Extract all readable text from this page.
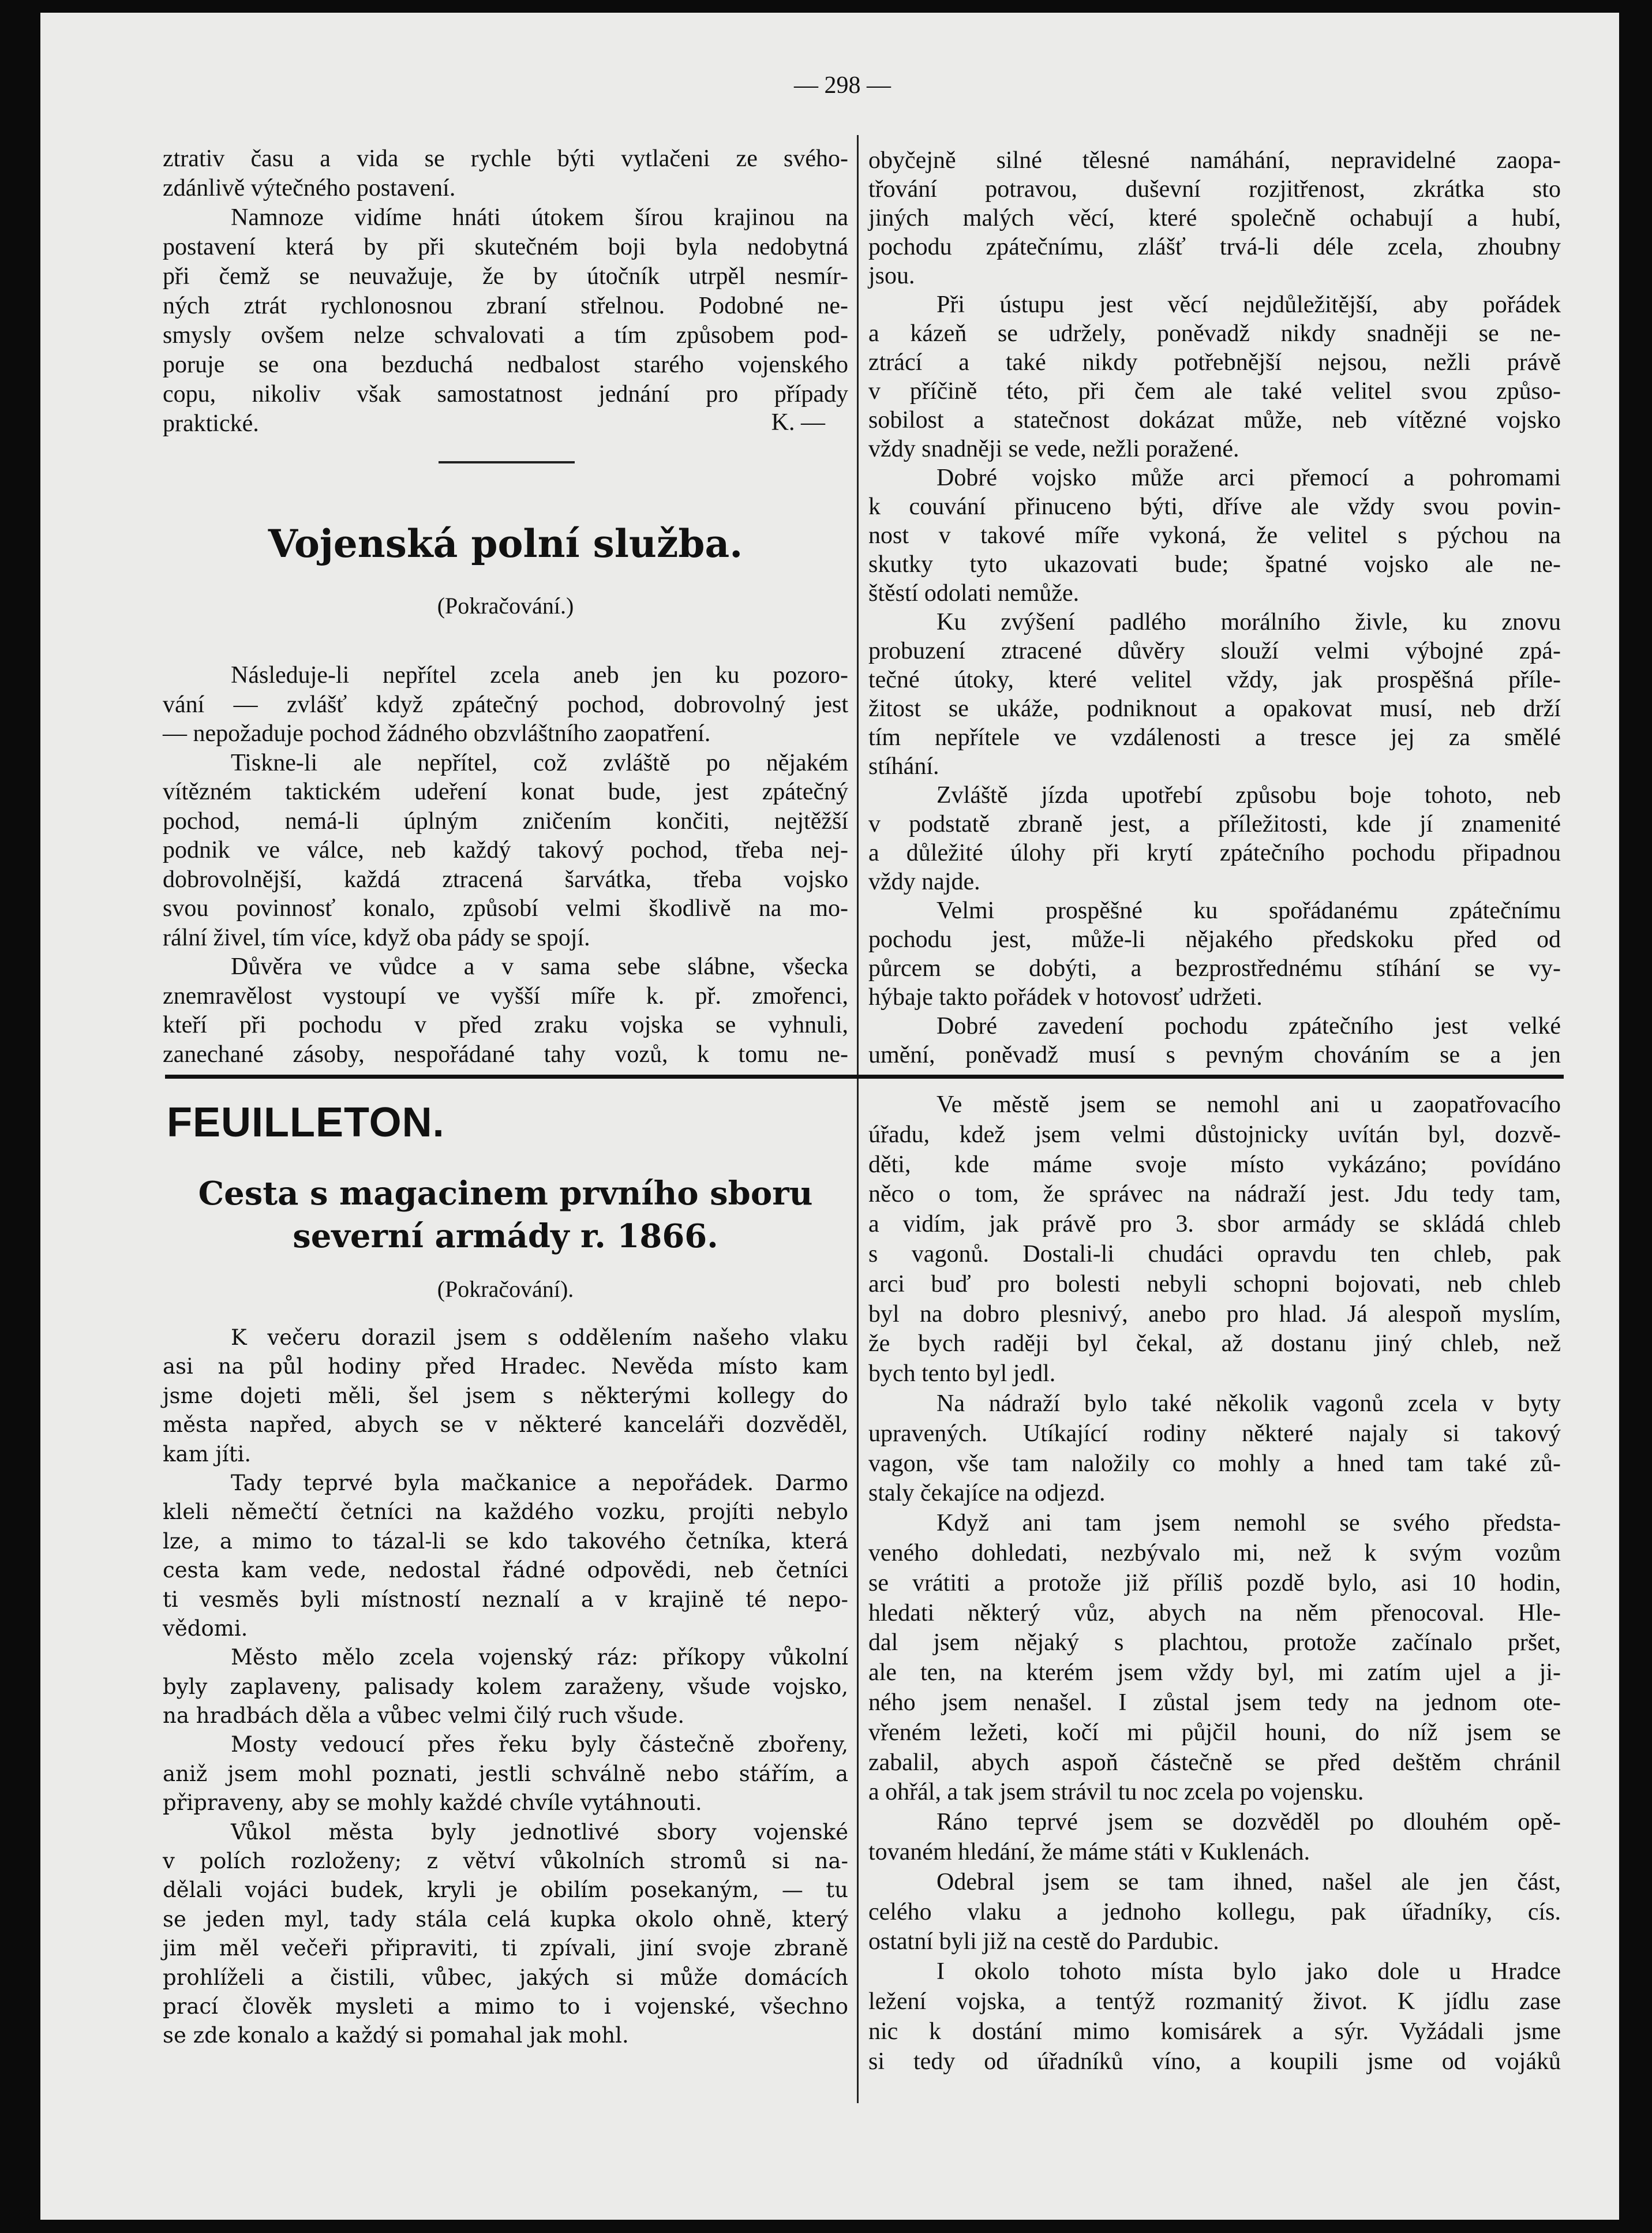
— 298 —
ztrativ času a vida se rychle býti vytlačeni ze svého-
zdánlivě výtečného postavení.
Namnoze vidíme hnáti útokem šírou krajinou na
postavení která by při skutečném boji byla nedobytná
při čemž se neuvažuje, že by útočník utrpěl nesmír-
ných ztrát rychlonosnou zbraní střelnou. Podobné ne-
smysly ovšem nelze schvalovati a tím způsobem pod-
poruje se ona bezduchá nedbalost starého vojenského
copu, nikoliv však samostatnost jednání pro případy
praktické.	K. —
Vojenská polní služba.
(Pokračování.)
Následuje-li nepřítel zcela aneb jen ku pozoro-
vání — zvlášť když zpátečný pochod, dobrovolný jest
— nepožaduje pochod žádného obzvláštního zaopatření.
Tiskne-li ale nepřítel, což zvláště po nějakém
vítězném taktickém udeření konat bude, jest zpátečný
pochod, nemá-li úplným zničením končiti, nejtěžší
podnik ve válce, neb každý takový pochod, třeba nej-
dobrovolnější, každá ztracená šarvátka, třeba vojsko
svou povinnosť konalo, způsobí velmi škodlivě na mo-
rální živel, tím více, když oba pády se spojí.
Důvěra ve vůdce a v sama sebe slábne, všecka
znemravělost vystoupí ve vyšší míře k. př. zmořenci,
kteří při pochodu v před zraku vojska se vyhnuli,
zanechané zásoby, nespořádané tahy vozů, k tomu ne-
obyčejně silné tělesné namáhání, nepravidelné zaopa-
třování potravou, duševní rozjitřenost, zkrátka sto
jiných malých věcí, které společně ochabují a hubí,
pochodu zpátečnímu, zlášť trvá-li déle zcela, zhoubny
jsou.
Při ústupu jest věcí nejdůležitější, aby pořádek
a kázeň se udržely, poněvadž nikdy snadněji se ne-
ztrácí a také nikdy potřebnější nejsou, nežli právě
v příčině této, při čem ale také velitel svou způso-
sobilost a statečnost dokázat může, neb vítězné vojsko
vždy snadněji se vede, nežli poražené.
Dobré vojsko může arci přemocí a pohromami
k couvání přinuceno býti, dříve ale vždy svou povin-
nost v takové míře vykoná, že velitel s pýchou na
skutky tyto ukazovati bude; špatné vojsko ale ne-
štěstí odolati nemůže.
Ku zvýšení padlého morálního živle, ku znovu
probuzení ztracené důvěry slouží velmi výbojné zpá-
tečné útoky, které velitel vždy, jak prospěšná příle-
žitost se ukáže, podniknout a opakovat musí, neb drží
tím nepřítele ve vzdálenosti a tresce jej za smělé
stíhání.
Zvláště jízda upotřebí způsobu boje tohoto, neb
v podstatě zbraně jest, a příležitosti, kde jí znamenité
a důležité úlohy při krytí zpátečního pochodu připadnou
vždy najde.
Velmi prospěšné ku spořádanému zpátečnímu
pochodu jest, může-li nějakého předskoku před od
půrcem se dobýti, a bezprostřednému stíhání se vy-
hýbaje takto pořádek v hotovosť udržeti.
Dobré zavedení pochodu zpátečního jest velké
umění, poněvadž musí s pevným chováním se a jen
FEUILLETON.
Cesta s magacinem prvního sboru
severní armády r. 1866.
(Pokračování).
K večeru dorazil jsem s oddělením našeho vlaku
asi na půl hodiny před Hradec. Nevěda místo kam
jsme dojeti měli, šel jsem s některými kollegy do
města napřed, abych se v některé kanceláři dozvěděl,
kam jíti.
Tady teprvé byla mačkanice a nepořádek. Darmo
kleli němečtí četníci na každého vozku, projíti nebylo
lze, a mimo to tázal-li se kdo takového četníka, která
cesta kam vede, nedostal řádné odpovědi, neb četníci
ti vesměs byli místností neznalí a v krajině té nepo-
vědomi.
Město mělo zcela vojenský ráz: příkopy vůkolní
byly zaplaveny, palisady kolem zaraženy, všude vojsko,
na hradbách děla a vůbec velmi čilý ruch všude.
Mosty vedoucí přes řeku byly částečně zbořeny,
aniž jsem mohl poznati, jestli schválně nebo stářím, a
připraveny, aby se mohly každé chvíle vytáhnouti.
Vůkol města byly jednotlivé sbory vojenské
v polích rozloženy; z větví vůkolních stromů si na-
dělali vojáci budek, kryli je obilím posekaným, — tu
se jeden myl, tady stála celá kupka okolo ohně, který
jim měl večeři připraviti, ti zpívali, jiní svoje zbraně
prohlíželi a čistili, vůbec, jakých si může domácích
prací člověk mysleti a mimo to i vojenské, všechno
se zde konalo a každý si pomahal jak mohl.
Ve městě jsem se nemohl ani u zaopatřovacího
úřadu, kdež jsem velmi důstojnicky uvítán byl, dozvě-
děti, kde máme svoje místo vykázáno; povídáno
něco o tom, že správec na nádraží jest. Jdu tedy tam,
a vidím, jak právě pro 3. sbor armády se skládá chleb
s vagonů. Dostali-li chudáci opravdu ten chleb, pak
arci buď pro bolesti nebyli schopni bojovati, neb chleb
byl na dobro plesnivý, anebo pro hlad. Já alespoň myslím,
že bych raději byl čekal, až dostanu jiný chleb, než
bych tento byl jedl.
Na nádraží bylo také několik vagonů zcela v byty
upravených. Utíkající rodiny některé najaly si takový
vagon, vše tam naložily co mohly a hned tam také zů-
staly čekajíce na odjezd.
Když ani tam jsem nemohl se svého předsta-
veného dohledati, nezbývalo mi, než k svým vozům
se vrátiti a protože již příliš pozdě bylo, asi 10 hodin,
hledati některý vůz, abych na něm přenocoval. Hle-
dal jsem nějaký s plachtou, protože začínalo pršet,
ale ten, na kterém jsem vždy byl, mi zatím ujel a ji-
ného jsem nenašel. I zůstal jsem tedy na jednom ote-
vřeném ležeti, kočí mi půjčil houni, do níž jsem se
zabalil, abych aspoň částečně se před deštěm chránil
a ohřál, a tak jsem strávil tu noc zcela po vojensku.
Ráno teprvé jsem se dozvěděl po dlouhém opě-
tovaném hledání, že máme státi v Kuklenách.
Odebral jsem se tam ihned, našel ale jen část,
celého vlaku a jednoho kollegu, pak úřadníky, cís.
ostatní byli již na cestě do Pardubic.
I okolo tohoto místa bylo jako dole u Hradce
ležení vojska, a tentýž rozmanitý život. K jídlu zase
nic k dostání mimo komisárek a sýr. Vyžádali jsme
si tedy od úřadníků víno, a koupili jsme od vojáků
